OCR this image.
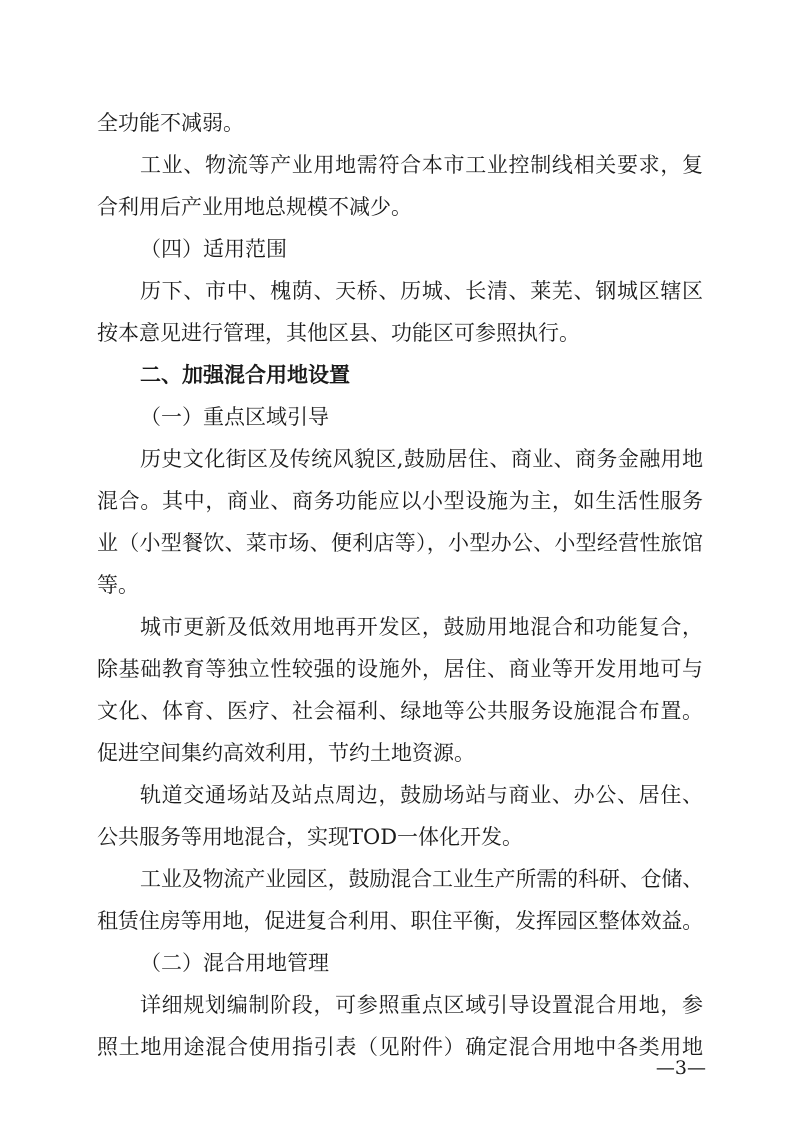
全功能不减弱。
工业、物流等产业用地需符合本市工业控制线相关要求，复
合利用后产业用地总规模不减少。
（四）适用范围
历下、市中、槐荫、天桥、历城、长清、莱芜、钢城区辖区
按本意见进行管理，其他区县、功能区可参照执行。
二、加强混合用地设置
（一）重点区域引导
历史文化街区及传统风貌区,鼓励居住、商业、商务金融用地
混合。其中，商业、商务功能应以小型设施为主，如生活性服务
业（小型餐饮、菜市场、便利店等），小型办公、小型经营性旅馆
等。
城市更新及低效用地再开发区，鼓励用地混合和功能复合，
除基础教育等独立性较强的设施外，居住、商业等开发用地可与
文化、体育、医疗、社会福利、绿地等公共服务设施混合布置。
促进空间集约高效利用，节约土地资源。
轨道交通场站及站点周边，鼓励场站与商业、办公、居住、
公共服务等用地混合，实现TOD一体化开发。
工业及物流产业园区，鼓励混合工业生产所需的科研、仓储、
租赁住房等用地，促进复合利用、职住平衡，发挥园区整体效益。
（二）混合用地管理
详细规划编制阶段，可参照重点区域引导设置混合用地，参
照土地用途混合使用指引表（见附件）确定混合用地中各类用地
—3—
